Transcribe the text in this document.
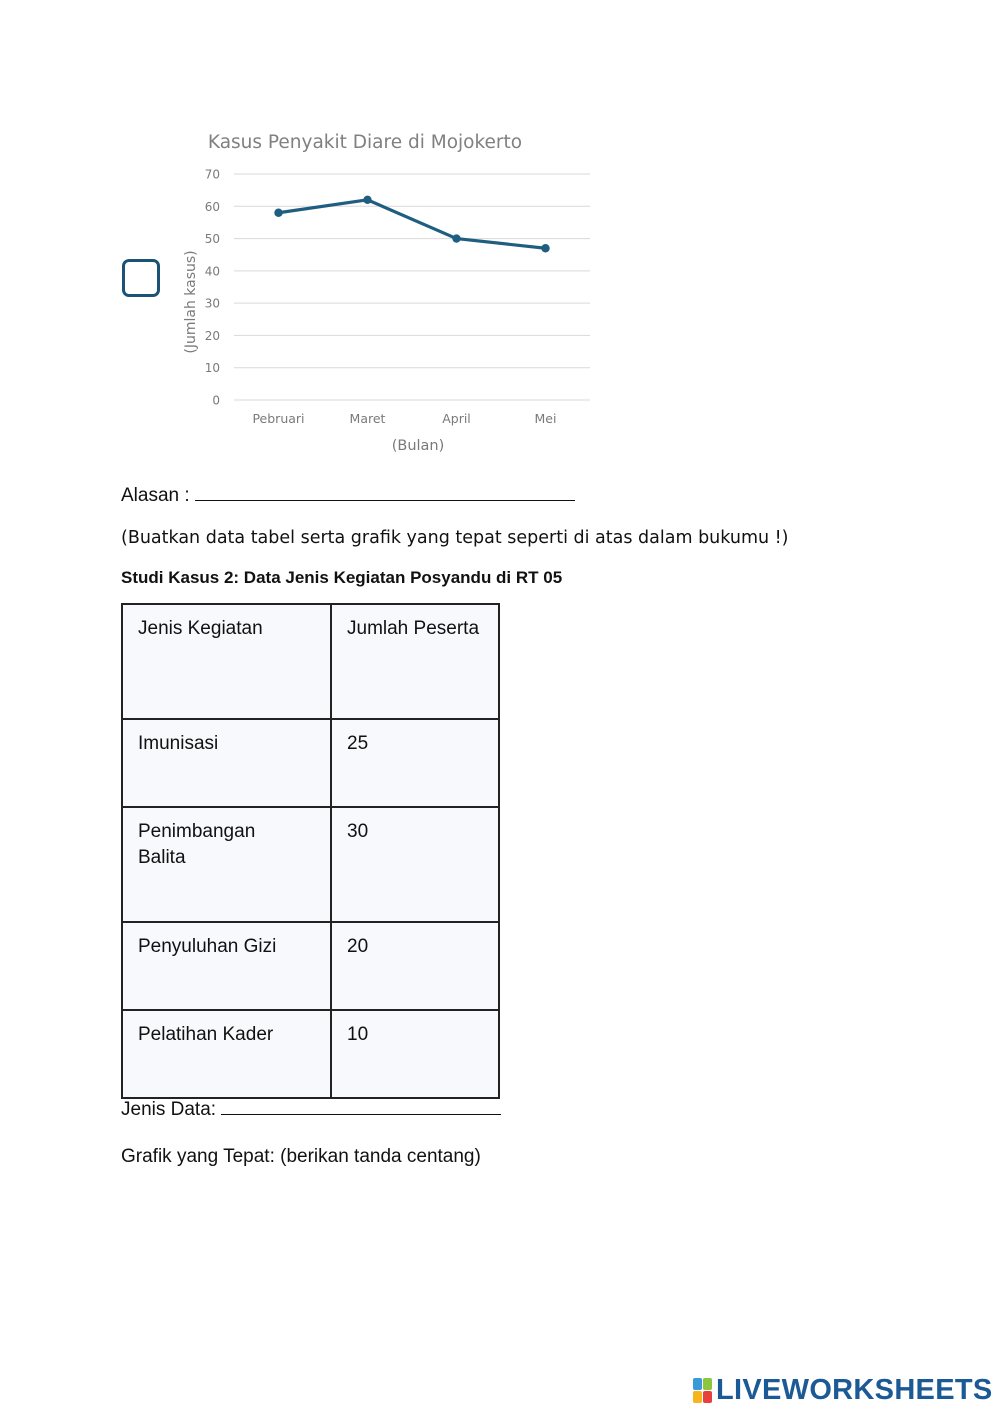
Kasus Penyakit Diare di Mojokerto
0
10
20
30
40
50
60
70
Pebruari	Maret	April	Mei
(Bulan)
(Jumlah kasus)
Alasan :
(Buatkan data tabel serta grafik yang tepat seperti di atas dalam bukumu !)
Studi Kasus 2: Data Jenis Kegiatan Posyandu di RT 05
Jenis Kegiatan	Jumlah Peserta
Imunisasi	25
Penimbangan Balita	30
Penyuluhan Gizi	20
Pelatihan Kader	10
Jenis Data:
Grafik yang Tepat: (berikan tanda centang)
LIVEWORKSHEETS
